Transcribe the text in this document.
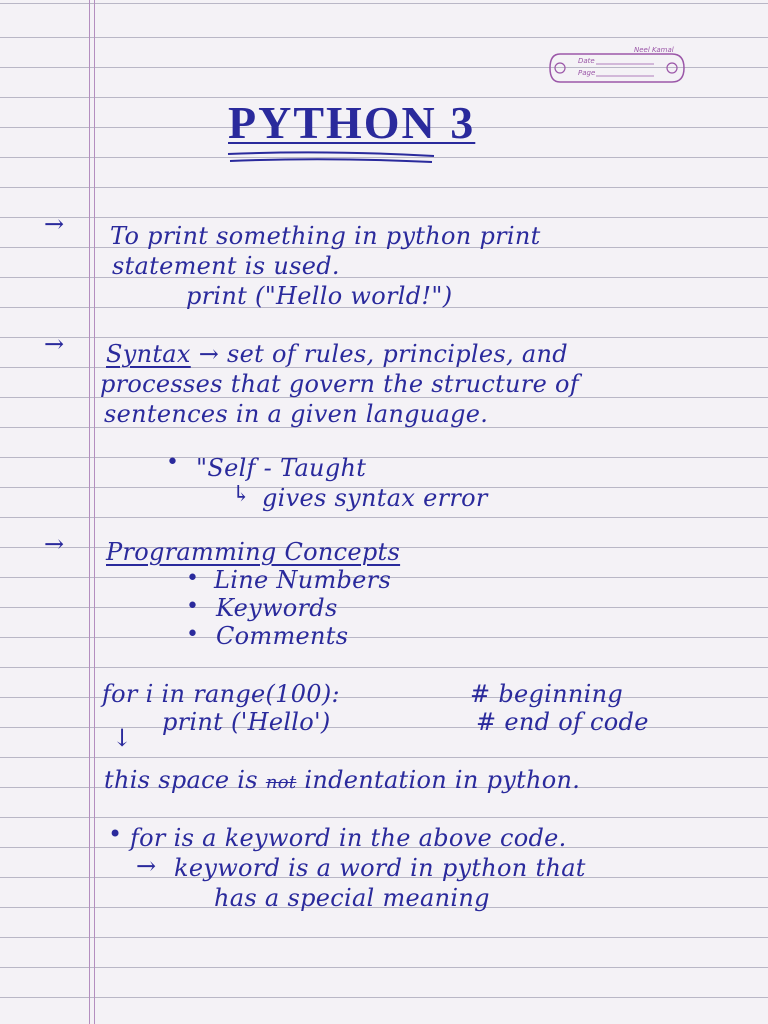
Neel Kamal
Date
Page
PYTHON 3
→ To print something in python print

statement is used.

print ("Hello world!")

→ Syntax → set of rules, principles, and

processes that govern the structure of

sentences in a given language.

• "Self - Taught

↳ gives syntax error

→ Programming Concepts

• Line Numbers

• Keywords

• Comments

for i in range(100):	# beginning

print ('Hello')	# end of code

↓

this space is not indentation in python.

• for is a keyword in the above code.

→ keyword is a word in python that

has a special meaning
